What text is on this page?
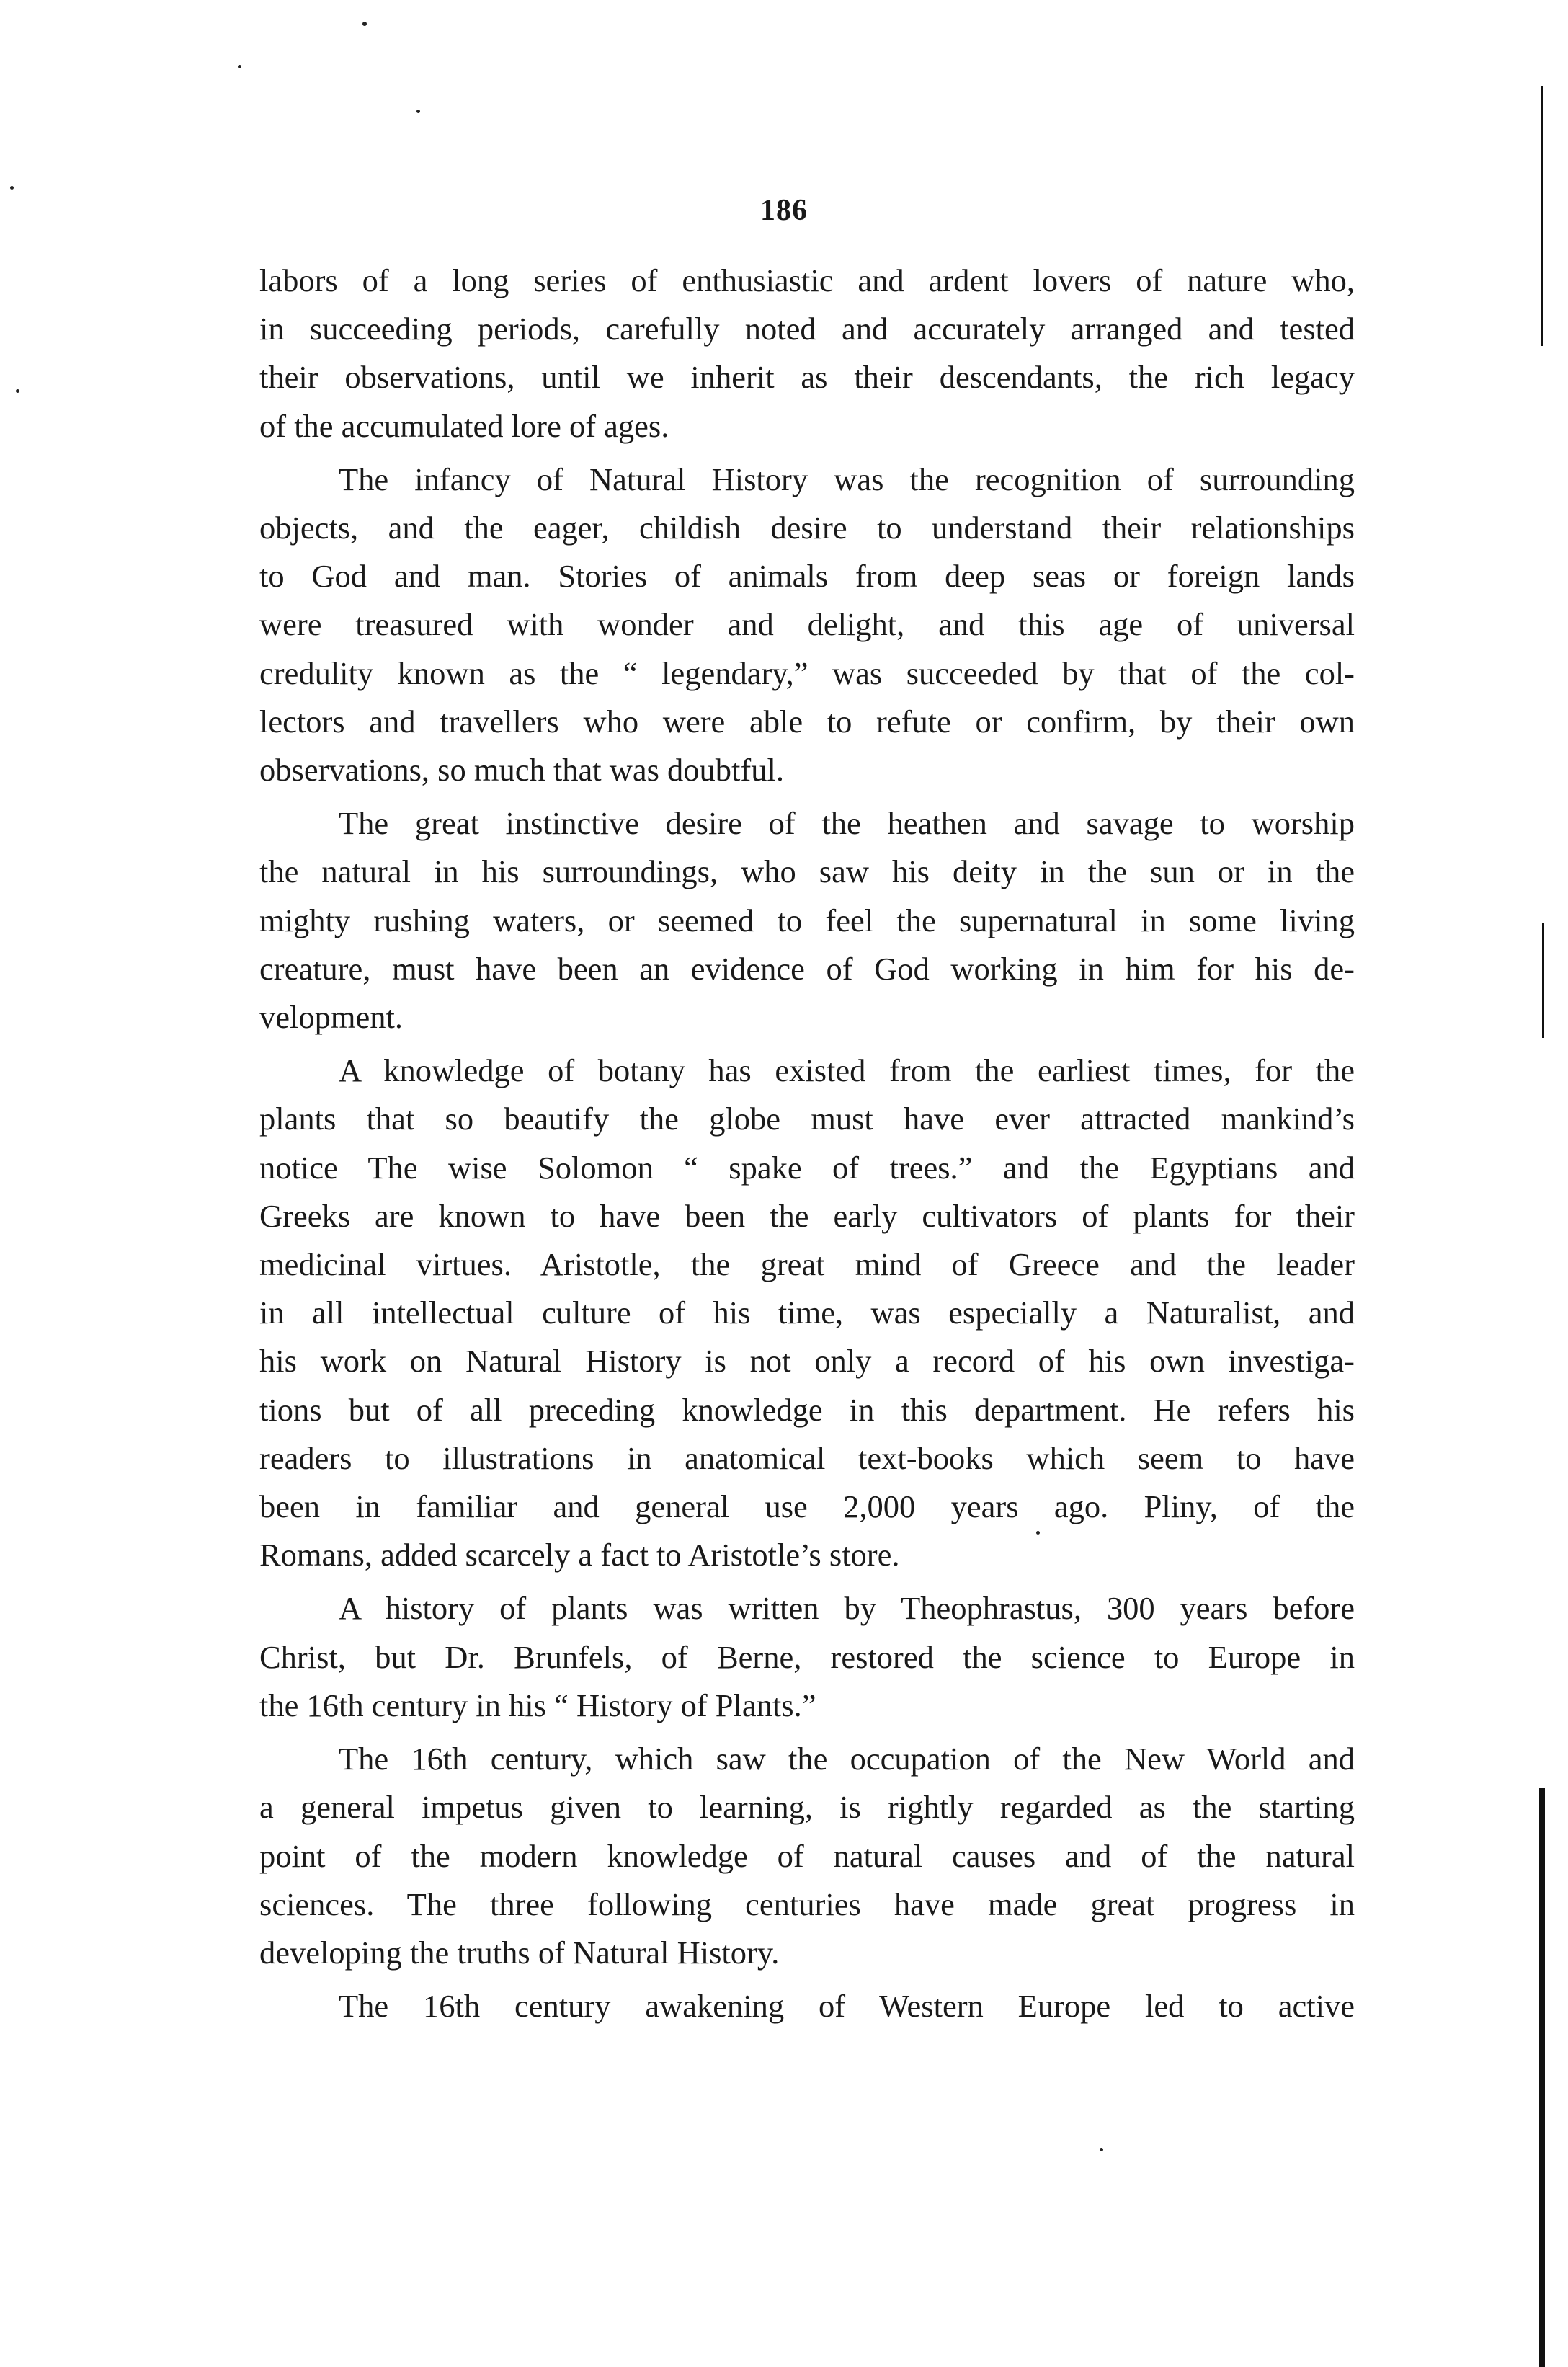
186
labors of a long series of enthusiastic and ardent lovers of nature who,
in succeeding periods, carefully noted and accurately arranged and tested
their observations, until we inherit as their descendants, the rich legacy
of the accumulated lore of ages.
The infancy of Natural History was the recognition of surrounding
objects, and the eager, childish desire to understand their relationships
to God and man. Stories of animals from deep seas or foreign lands
were treasured with wonder and delight, and this age of universal
credulity known as the “ legendary,” was succeeded by that of the col-
lectors and travellers who were able to refute or confirm, by their own
observations, so much that was doubtful.
The great instinctive desire of the heathen and savage to worship
the natural in his surroundings, who saw his deity in the sun or in the
mighty rushing waters, or seemed to feel the supernatural in some living
creature, must have been an evidence of God working in him for his de-
velopment.
A knowledge of botany has existed from the earliest times, for the
plants that so beautify the globe must have ever attracted mankind’s
notice The wise Solomon “ spake of trees.” and the Egyptians and
Greeks are known to have been the early cultivators of plants for their
medicinal virtues. Aristotle, the great mind of Greece and the leader
in all intellectual culture of his time, was especially a Naturalist, and
his work on Natural History is not only a record of his own investiga-
tions but of all preceding knowledge in this department. He refers his
readers to illustrations in anatomical text-books which seem to have
been in familiar and general use 2,000 years ago. Pliny, of the
Romans, added scarcely a fact to Aristotle’s store.
A history of plants was written by Theophrastus, 300 years before
Christ, but Dr. Brunfels, of Berne, restored the science to Europe in
the 16th century in his “ History of Plants.”
The 16th century, which saw the occupation of the New World and
a general impetus given to learning, is rightly regarded as the starting
point of the modern knowledge of natural causes and of the natural
sciences. The three following centuries have made great progress in
developing the truths of Natural History.
The 16th century awakening of Western Europe led to active
